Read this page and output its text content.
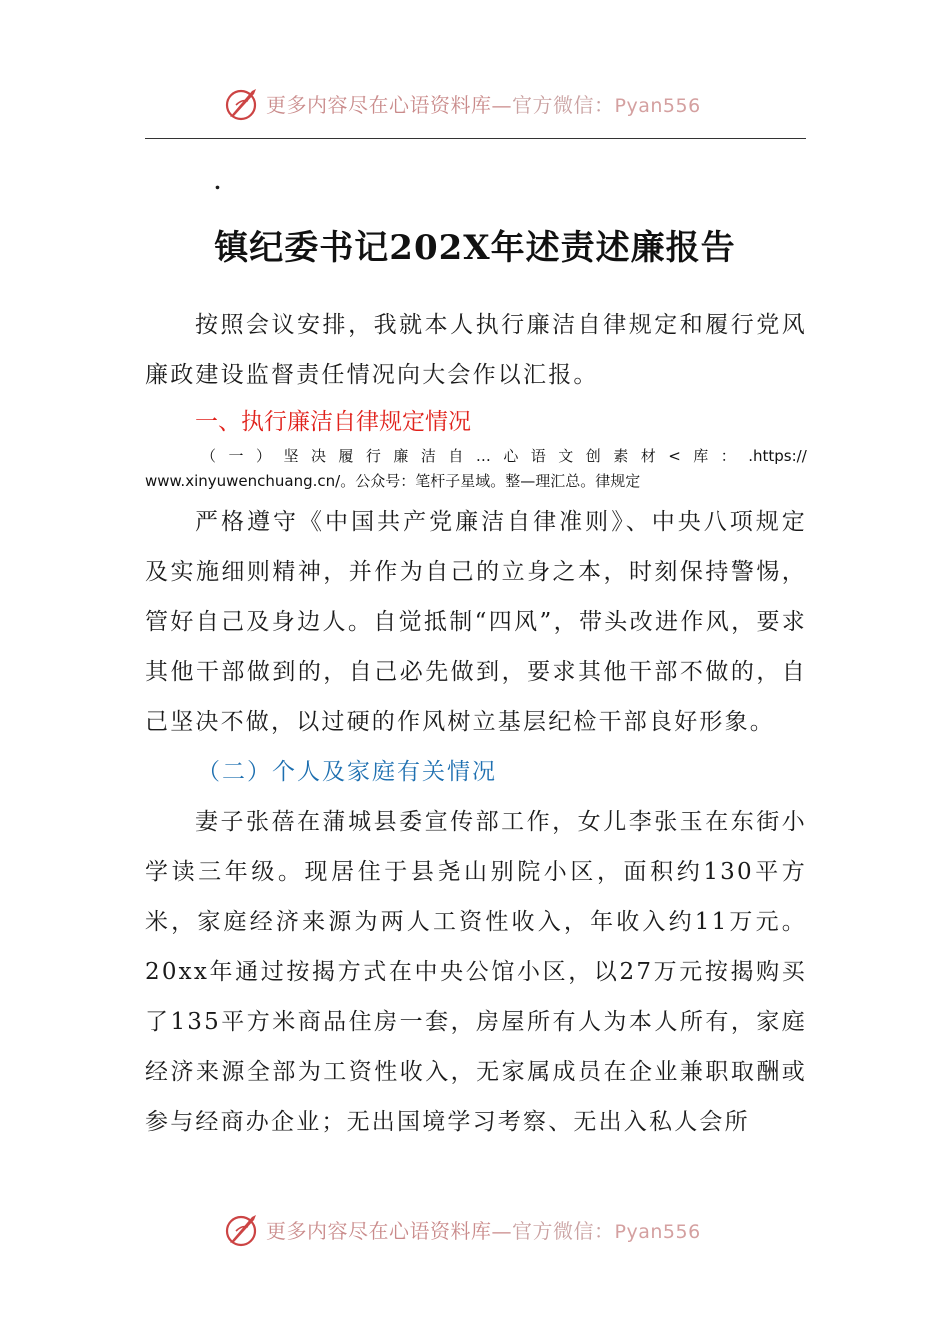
更多内容尽在心语资料库—官方微信：Pyan556
.
镇纪委书记202X年述责述廉报告

按照会议安排，我就本人执行廉洁自律规定和履行党风廉政建设监督责任情况向大会作以汇报。

一、执行廉洁自律规定情况

（ 一 ） 坚 决 履 行 廉 洁 自 … 心 语 文 创 素 材 < 库 ： .https://
www.xinyuwenchuang.cn/。公众号：笔杆子星域。整—理汇总。律规定

严格遵守《中国共产党廉洁自律准则》、中央八项规定及实施细则精神，并作为自己的立身之本，时刻保持警惕，管好自己及身边人。自觉抵制“四风”，带头改进作风，要求其他干部做到的，自己必先做到，要求其他干部不做的，自己坚决不做，以过硬的作风树立基层纪检干部良好形象。

（二）个人及家庭有关情况

妻子张蓓在蒲城县委宣传部工作，女儿李张玉在东街小学读三年级。现居住于县尧山别院小区，面积约130平方米，家庭经济来源为两人工资性收入，年收入约11万元。20xx年通过按揭方式在中央公馆小区，以27万元按揭购买了135平方米商品住房一套，房屋所有人为本人所有，家庭经济来源全部为工资性收入，无家属成员在企业兼职取酬或参与经商办企业；无出国境学习考察、无出入私人会所

更多内容尽在心语资料库—官方微信：Pyan556
